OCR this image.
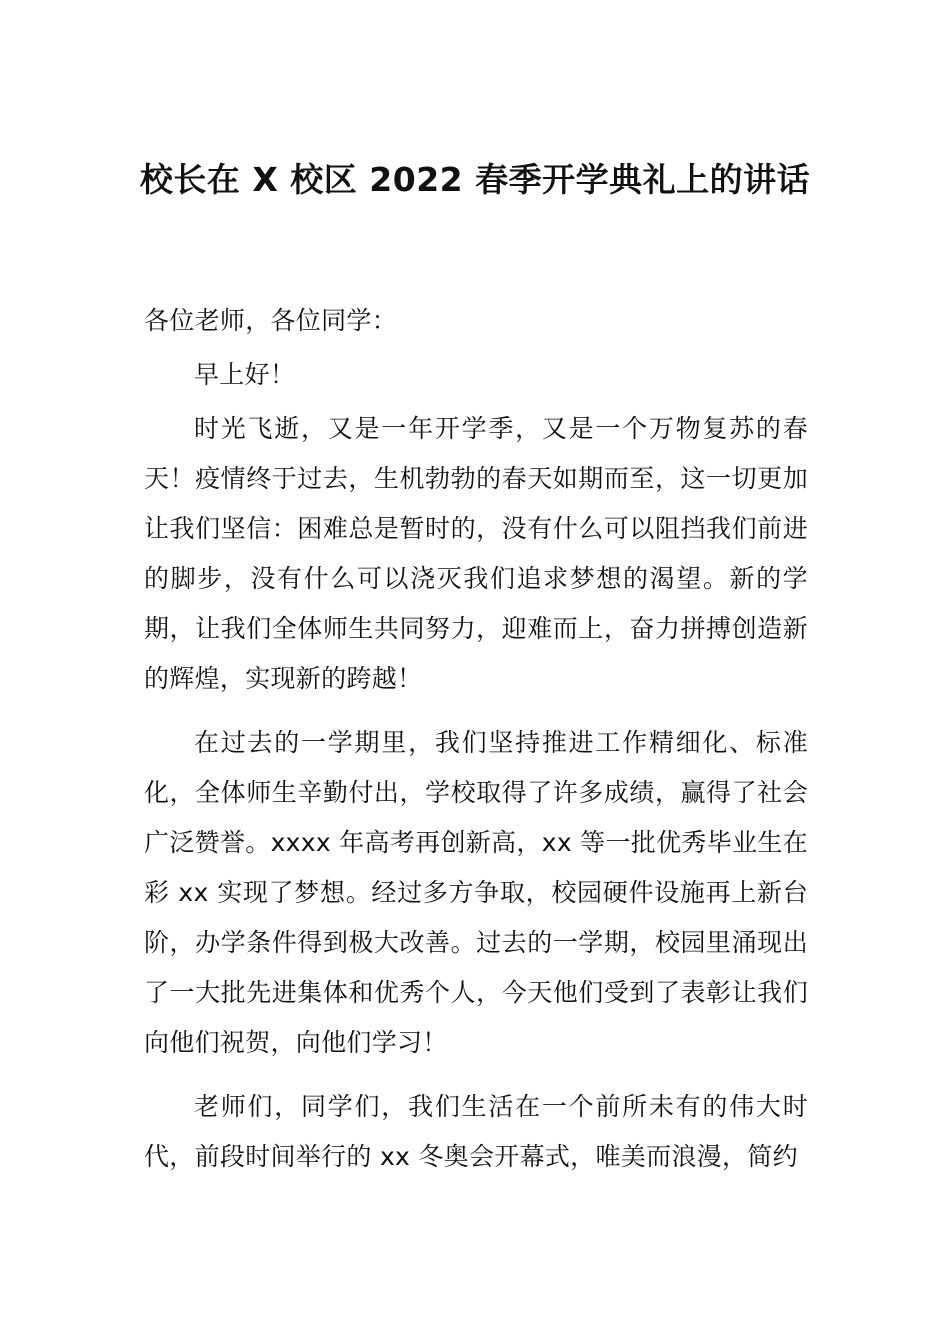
校长在 X 校区 2022 春季开学典礼上的讲话

各位老师，各位同学：

早上好！

时光飞逝，又是一年开学季，又是一个万物复苏的春天！疫情终于过去，生机勃勃的春天如期而至，这一切更加让我们坚信：困难总是暂时的，没有什么可以阻挡我们前进的脚步，没有什么可以浇灭我们追求梦想的渴望。新的学期，让我们全体师生共同努力，迎难而上，奋力拼搏创造新的辉煌，实现新的跨越！

在过去的一学期里，我们坚持推进工作精细化、标准化，全体师生辛勤付出，学校取得了许多成绩，赢得了社会广泛赞誉。xxxx 年高考再创新高，xx 等一批优秀毕业生在彩 xx 实现了梦想。经过多方争取，校园硬件设施再上新台阶，办学条件得到极大改善。过去的一学期，校园里涌现出了一大批先进集体和优秀个人，今天他们受到了表彰让我们向他们祝贺，向他们学习！

老师们，同学们，我们生活在一个前所未有的伟大时代，前段时间举行的 xx 冬奥会开幕式，唯美而浪漫，简约
